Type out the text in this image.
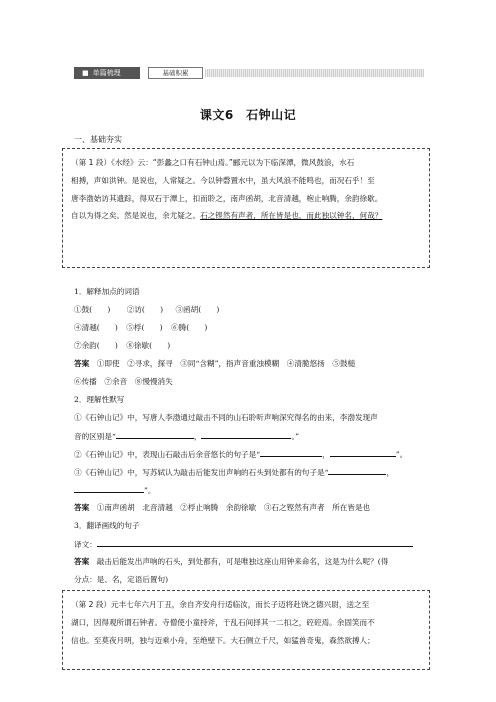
■ 单篇梳理	基础积累
课文6　石钟山记
一、基础夯实
（第 1 段）《水经》云：“彭蠡之口有石钟山焉。”郦元以为下临深潭，微风鼓浪，水石
相搏，声如洪钟。是说也，人常疑之。今以钟磬置水中，虽大风浪不能鸣也，而况石乎！至
唐李渤始访其遗踪，得双石于潭上，扣而聆之，南声函胡，北音清越，枹止响腾，余韵徐歇。
自以为得之矣。然是说也，余尤疑之。石之铿然有声者，所在皆是也，而此独以钟名，何哉？
1．解释加点的词语
①鼓(　　) ②访(　　) ③函胡(　　)
④清越(　　) ⑤桴(　　) ⑥腾(　　)
⑦余韵(　　) ⑧徐歇(　　)
答案　 ①即使　②寻求，探寻　③同“含糊”，指声音重浊模糊　④清脆悠扬　⑤鼓槌
⑥传播　⑦余音　⑧慢慢消失
2．理解性默写
①《石钟山记》中，写唐人李渤通过敲击不同的山石聆听声响深究得名的由来，李渤发现声
音的区别是“	，	。”
②《石钟山记》中，表现山石敲击后余音悠长的句子是“	，	”。
③《石钟山记》中，写苏轼认为敲击后能发出声响的石头到处都有的句子是“	，
”。
答案　 ①南声函胡　北音清越　②桴止响腾　余韵徐歇　③石之铿然有声者　所在皆是也
3．翻译画线的句子
译文：
答案　 敲击后能发出声响的石头，到处都有，可是唯独这座山用钟来命名，这是为什么呢？(得
分点：是、名，定语后置句)
（第 2 段）元丰七年六月丁丑，余自齐安舟行适临汝，而长子迈将赴饶之德兴尉，送之至
湖口，因得观所谓石钟者。寺僧使小童持斧，于乱石间择其一二扣之，硿硿焉。余固笑而不
信也。至莫夜月明，独与迈乘小舟，至绝壁下。大石侧立千尺，如猛兽奇鬼，森然欲搏人；
